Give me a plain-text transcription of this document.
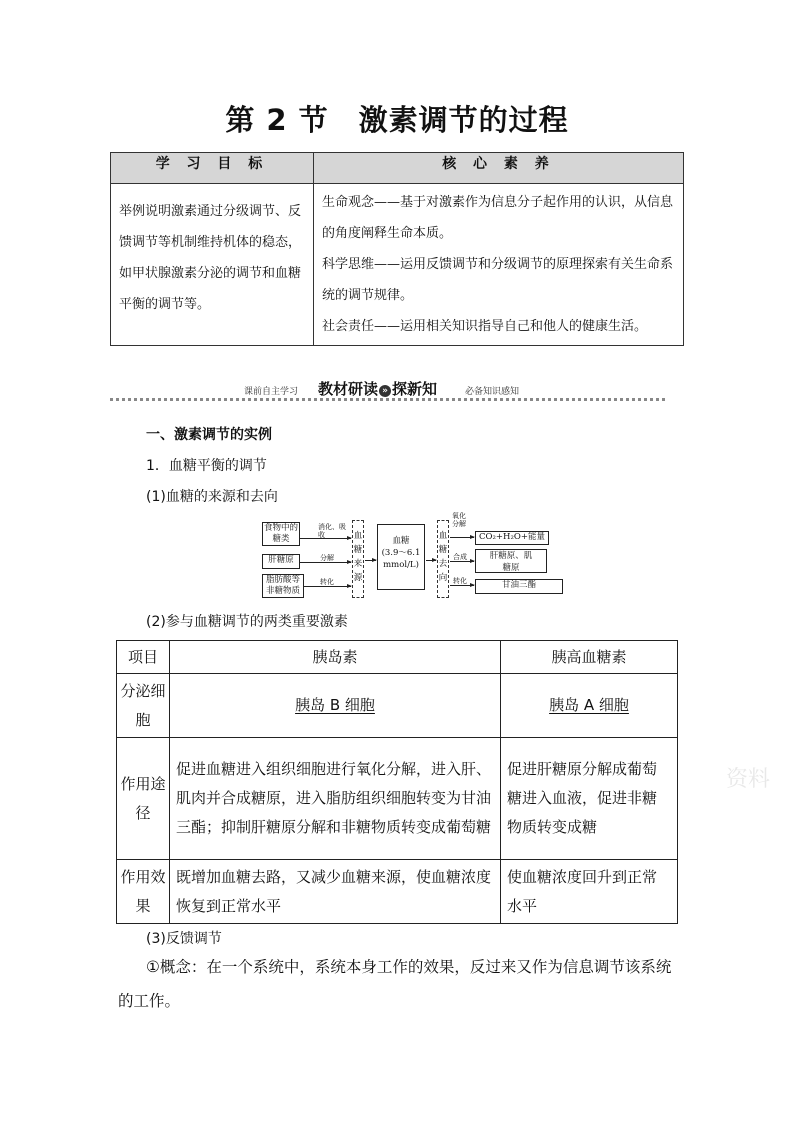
第 2 节　激素调节的过程
学 习 目 标	核 心 素 养
举例说明激素通过分级调节、反馈调节等机制维持机体的稳态，如甲状腺激素分泌的调节和血糖平衡的调节等。	生命观念——基于对激素作为信息分子起作用的认识，从信息的角度阐释生命本质。
科学思维——运用反馈调节和分级调节的原理探索有关生命系统的调节规律。
社会责任——运用相关知识指导自己和他人的健康生活。
课前自主学习 教材研读 » 探新知	必备知识感知
一、激素调节的实例
1．血糖平衡的调节
(1)血糖的来源和去向
食物中的糖类
肝糖原
脂肪酸等非糖物质
消化、吸收
分解
转化
血糖来源
血糖
(3.9～6.1
mmol/L)
血糖去向
氧化分解
合成
转化
CO₂+H₂O+能量
肝糖原、肌糖原
甘油三酯
(2)参与血糖调节的两类重要激素
项目	胰岛素	胰高血糖素
分泌细胞	胰岛 B 细胞	胰岛 A 细胞
作用途径	促进血糖进入组织细胞进行氧化分解，进入肝、肌肉并合成糖原，进入脂肪组织细胞转变为甘油三酯；抑制肝糖原分解和非糖物质转变成葡萄糖	促进肝糖原分解成葡萄糖进入血液，促进非糖物质转变成糖
作用效果	既增加血糖去路，又减少血糖来源，使血糖浓度恢复到正常水平	使血糖浓度回升到正常水平
资料
(3)反馈调节
①概念：在一个系统中，系统本身工作的效果，反过来又作为信息调节该系统的工作。
